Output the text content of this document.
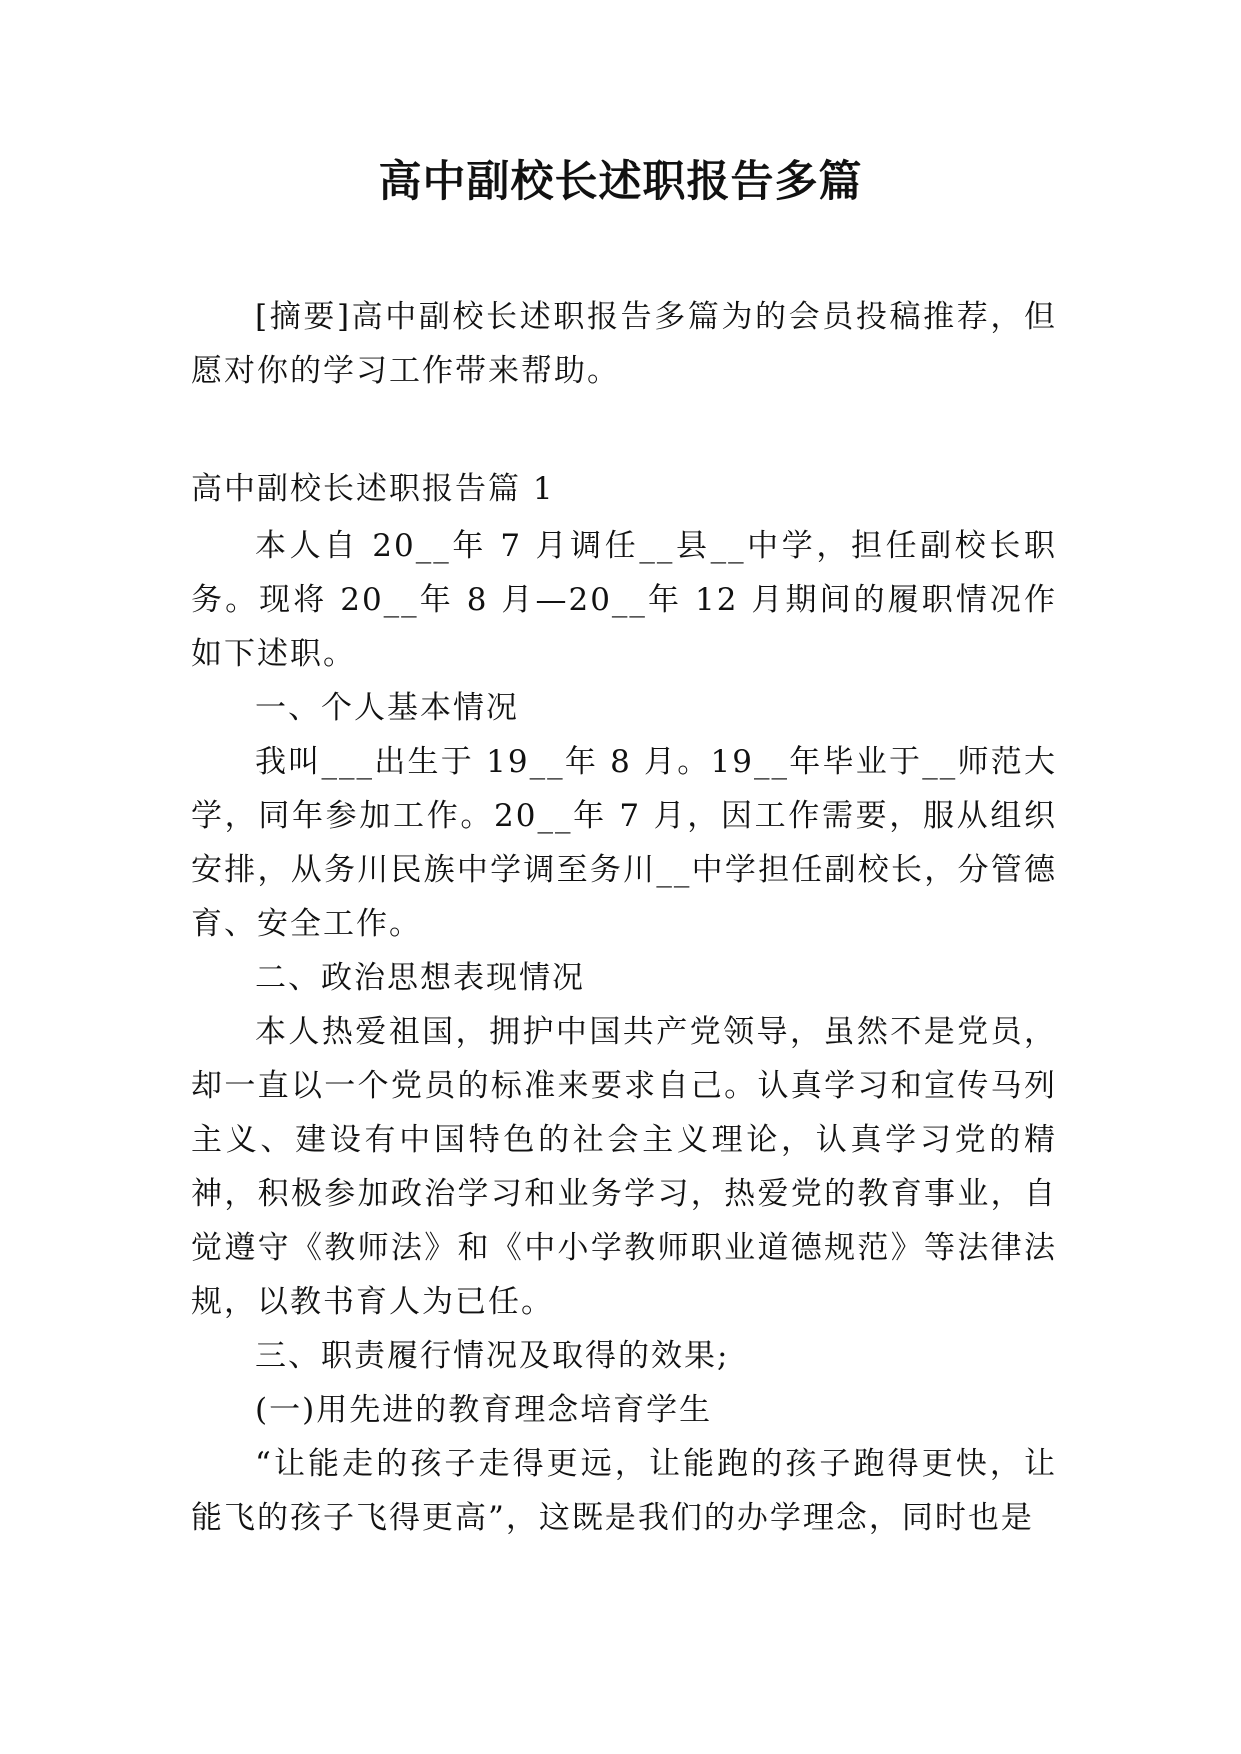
高中副校长述职报告多篇

[摘要]高中副校长述职报告多篇为的会员投稿推荐，但愿对你的学习工作带来帮助。

高中副校长述职报告篇 1

本人自 20__年 7 月调任__县__中学，担任副校长职务。现将 20__年 8 月—20__年 12 月期间的履职情况作如下述职。

一、个人基本情况

我叫___出生于 19__年 8 月。19__年毕业于__师范大学，同年参加工作。20__年 7 月，因工作需要，服从组织安排，从务川民族中学调至务川__中学担任副校长，分管德育、安全工作。

二、政治思想表现情况

本人热爱祖国，拥护中国共产党领导，虽然不是党员，却一直以一个党员的标准来要求自己。认真学习和宣传马列主义、建设有中国特色的社会主义理论，认真学习党的精神，积极参加政治学习和业务学习，热爱党的教育事业，自觉遵守《教师法》和《中小学教师职业道德规范》等法律法规，以教书育人为已任。

三、职责履行情况及取得的效果;

(一)用先进的教育理念培育学生

“让能走的孩子走得更远，让能跑的孩子跑得更快，让能飞的孩子飞得更高”，这既是我们的办学理念，同时也是
